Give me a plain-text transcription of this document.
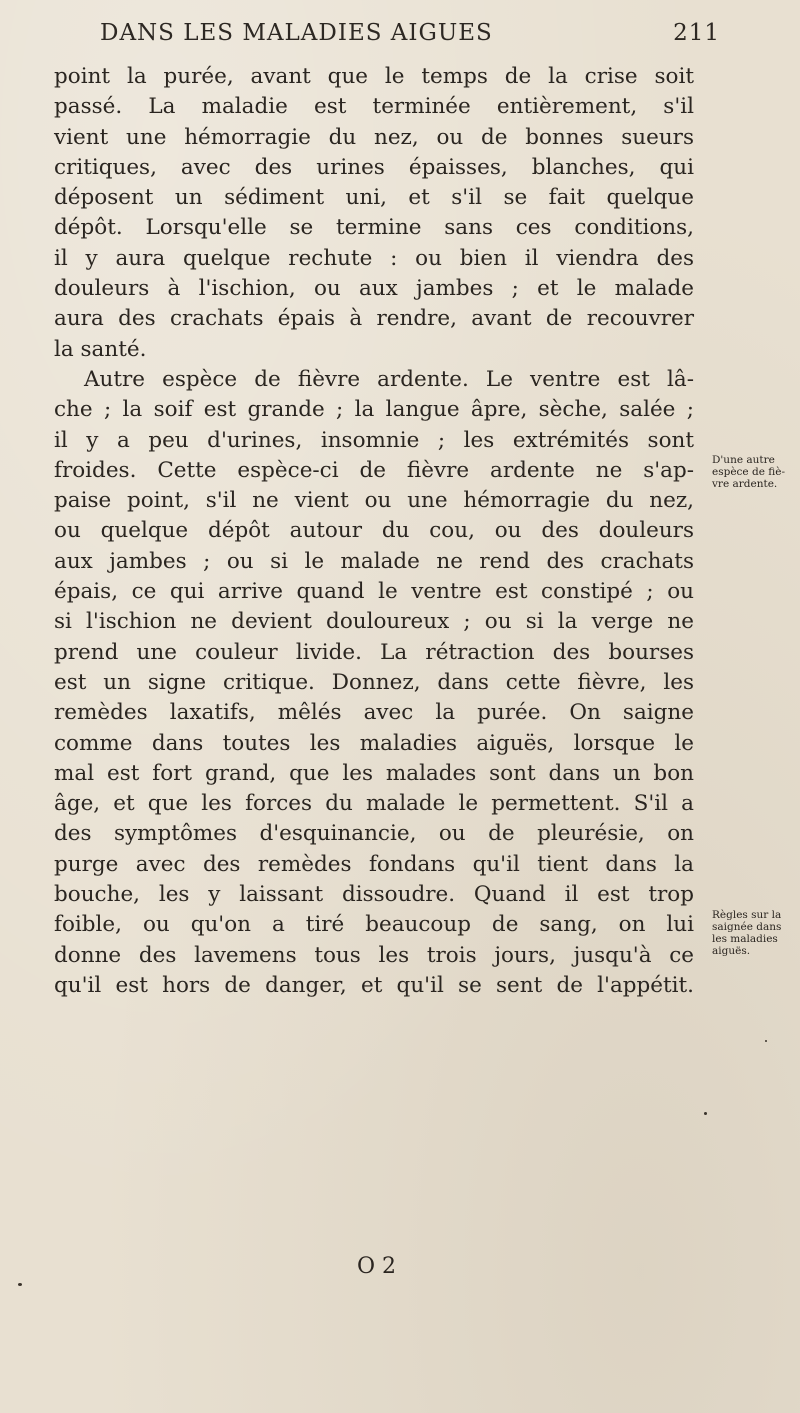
DANS LES MALADIES AIGUES	211
point la purée, avant que le temps de la crise soit
passé. La maladie est terminée entièrement, s'il
vient une hémorragie du nez, ou de bonnes sueurs
critiques, avec des urines épaisses, blanches, qui
déposent un sédiment uni, et s'il se fait quelque
dépôt. Lorsqu'elle se termine sans ces conditions,
il y aura quelque rechute : ou bien il viendra des
douleurs à l'ischion, ou aux jambes ; et le malade
aura des crachats épais à rendre, avant de recouvrer
la santé.
Autre espèce de fièvre ardente. Le ventre est lâ-
che ; la soif est grande ; la langue âpre, sèche, salée ;
il y a peu d'urines, insomnie ; les extrémités sont
froides. Cette espèce-ci de fièvre ardente ne s'ap-
paise point, s'il ne vient ou une hémorragie du nez,
ou quelque dépôt autour du cou, ou des douleurs
aux jambes ; ou si le malade ne rend des crachats
épais, ce qui arrive quand le ventre est constipé ; ou
si l'ischion ne devient douloureux ; ou si la verge ne
prend une couleur livide. La rétraction des bourses
est un signe critique. Donnez, dans cette fièvre, les
remèdes laxatifs, mêlés avec la purée. On saigne
comme dans toutes les maladies aiguës, lorsque le
mal est fort grand, que les malades sont dans un bon
âge, et que les forces du malade le permettent. S'il a
des symptômes d'esquinancie, ou de pleurésie, on
purge avec des remèdes fondans qu'il tient dans la
bouche, les y laissant dissoudre. Quand il est trop
foible, ou qu'on a tiré beaucoup de sang, on lui
donne des lavemens tous les trois jours, jusqu'à ce
qu'il est hors de danger, et qu'il se sent de l'appétit.
D'une autre
espèce de fiè-
vre ardente.
Règles sur la
saignée dans
les maladies
aiguës.
O 2
